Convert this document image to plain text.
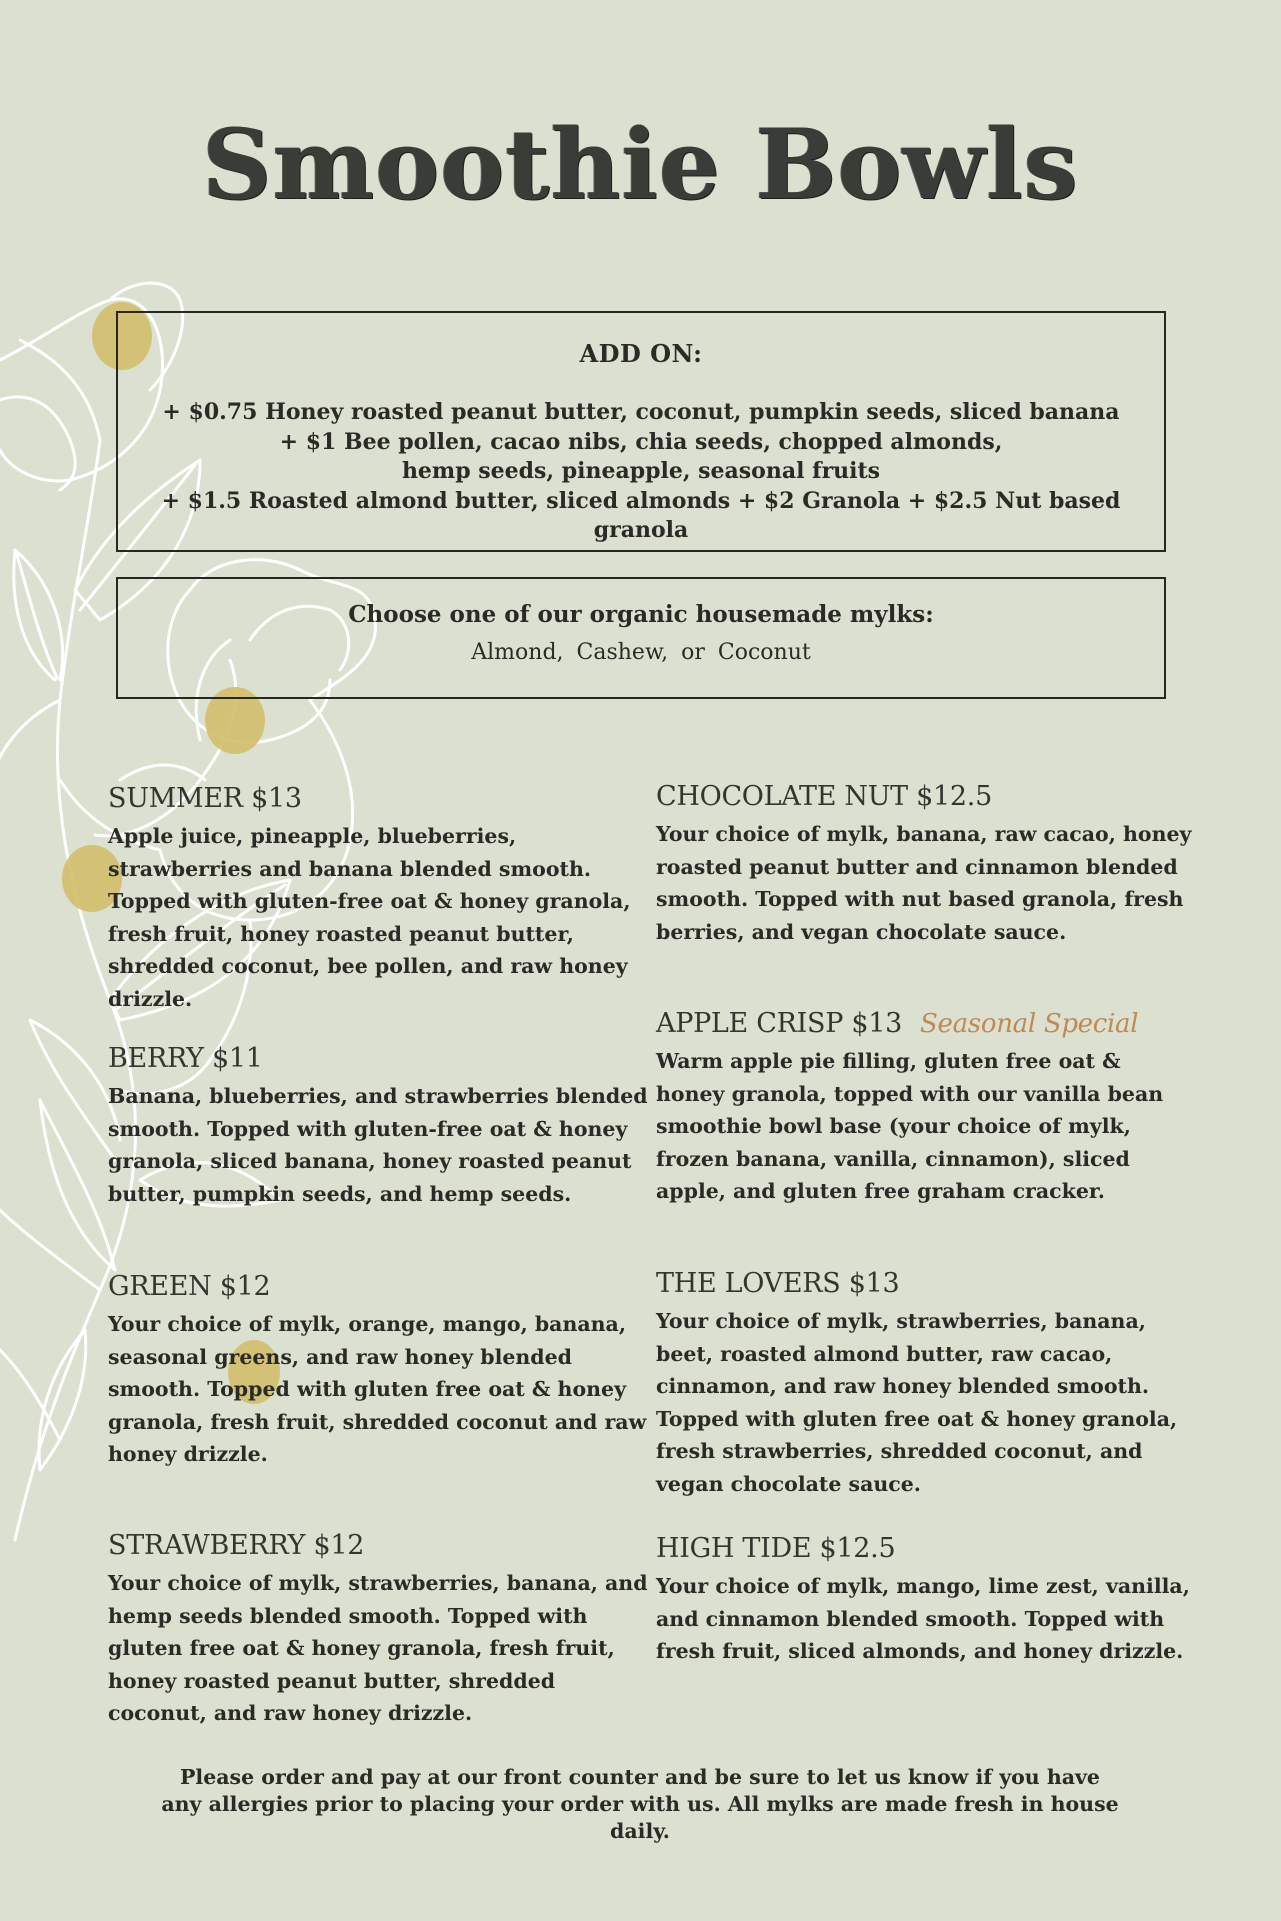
Smoothie Bowls
ADD ON:
+ $0.75 Honey roasted peanut butter, coconut, pumpkin seeds, sliced banana
+ $1 Bee pollen, cacao nibs, chia seeds, chopped almonds,
hemp seeds, pineapple, seasonal fruits
+ $1.5 Roasted almond butter, sliced almonds + $2 Granola + $2.5 Nut based granola
Choose one of our organic housemade mylks:
Almond, Cashew, or Coconut
SUMMER $13
Apple juice, pineapple, blueberries, strawberries and banana blended smooth. Topped with gluten-free oat & honey granola, fresh fruit, honey roasted peanut butter, shredded coconut, bee pollen, and raw honey drizzle.
BERRY $11
Banana, blueberries, and strawberries blended smooth. Topped with gluten-free oat & honey granola, sliced banana, honey roasted peanut butter, pumpkin seeds, and hemp seeds.
GREEN $12
Your choice of mylk, orange, mango, banana, seasonal greens, and raw honey blended smooth. Topped with gluten free oat & honey granola, fresh fruit, shredded coconut and raw honey drizzle.
STRAWBERRY $12
Your choice of mylk, strawberries, banana, and hemp seeds blended smooth. Topped with gluten free oat & honey granola, fresh fruit, honey roasted peanut butter, shredded coconut, and raw honey drizzle.
CHOCOLATE NUT $12.5
Your choice of mylk, banana, raw cacao, honey roasted peanut butter and cinnamon blended smooth. Topped with nut based granola, fresh berries, and vegan chocolate sauce.
APPLE CRISP $13 Seasonal Special
Warm apple pie filling, gluten free oat & honey granola, topped with our vanilla bean smoothie bowl base (your choice of mylk, frozen banana, vanilla, cinnamon), sliced apple, and gluten free graham cracker.
THE LOVERS $13
Your choice of mylk, strawberries, banana, beet, roasted almond butter, raw cacao, cinnamon, and raw honey blended smooth. Topped with gluten free oat & honey granola, fresh strawberries, shredded coconut, and vegan chocolate sauce.
HIGH TIDE $12.5
Your choice of mylk, mango, lime zest, vanilla, and cinnamon blended smooth. Topped with fresh fruit, sliced almonds, and honey drizzle.
Please order and pay at our front counter and be sure to let us know if you have any allergies prior to placing your order with us. All mylks are made fresh in house daily.
